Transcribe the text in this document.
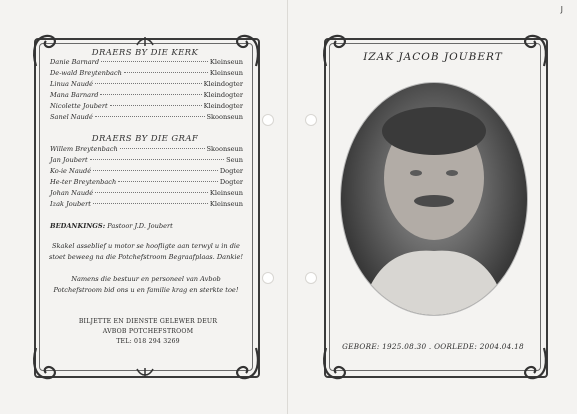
DRAERS BY DIE KERK
Danie Barnard	Kleinseun
De-wald Breytenbach	Kleinseun
Linua Naudé	Kleindogter
Mana Barnard	Kleindogter
Nicolette Joubert	Kleindogter
Sanel Naudé	Skoonseun
DRAERS BY DIE GRAF
Willem Breytenbach	Skoonseun
Jan Joubert	Seun
Ko-ie Naudé	Dogter
He-ter Breytenbach	Dogter
Johan Naudé	Kleinseun
Izak Joubert	Kleinseun
BEDANKINGS: Pastoor J.D. Joubert
Skakel asseblief u motor se hoofligte aan terwyl u in die stoet beweeg na die Potchefstroom Begraafplaas. Dankie!
Namens die bestuur en personeel van Avbob Potchefstroom bid ons u en familie krag en sterkte toe!
BILJETTE EN DIENSTE GELEWER DEUR
AVBOB POTCHEFSTROOM
TEL: 018 294 3269
IZAK JACOB JOUBERT
GEBORE: 1925.08.30 . OORLEDE: 2004.04.18
J
